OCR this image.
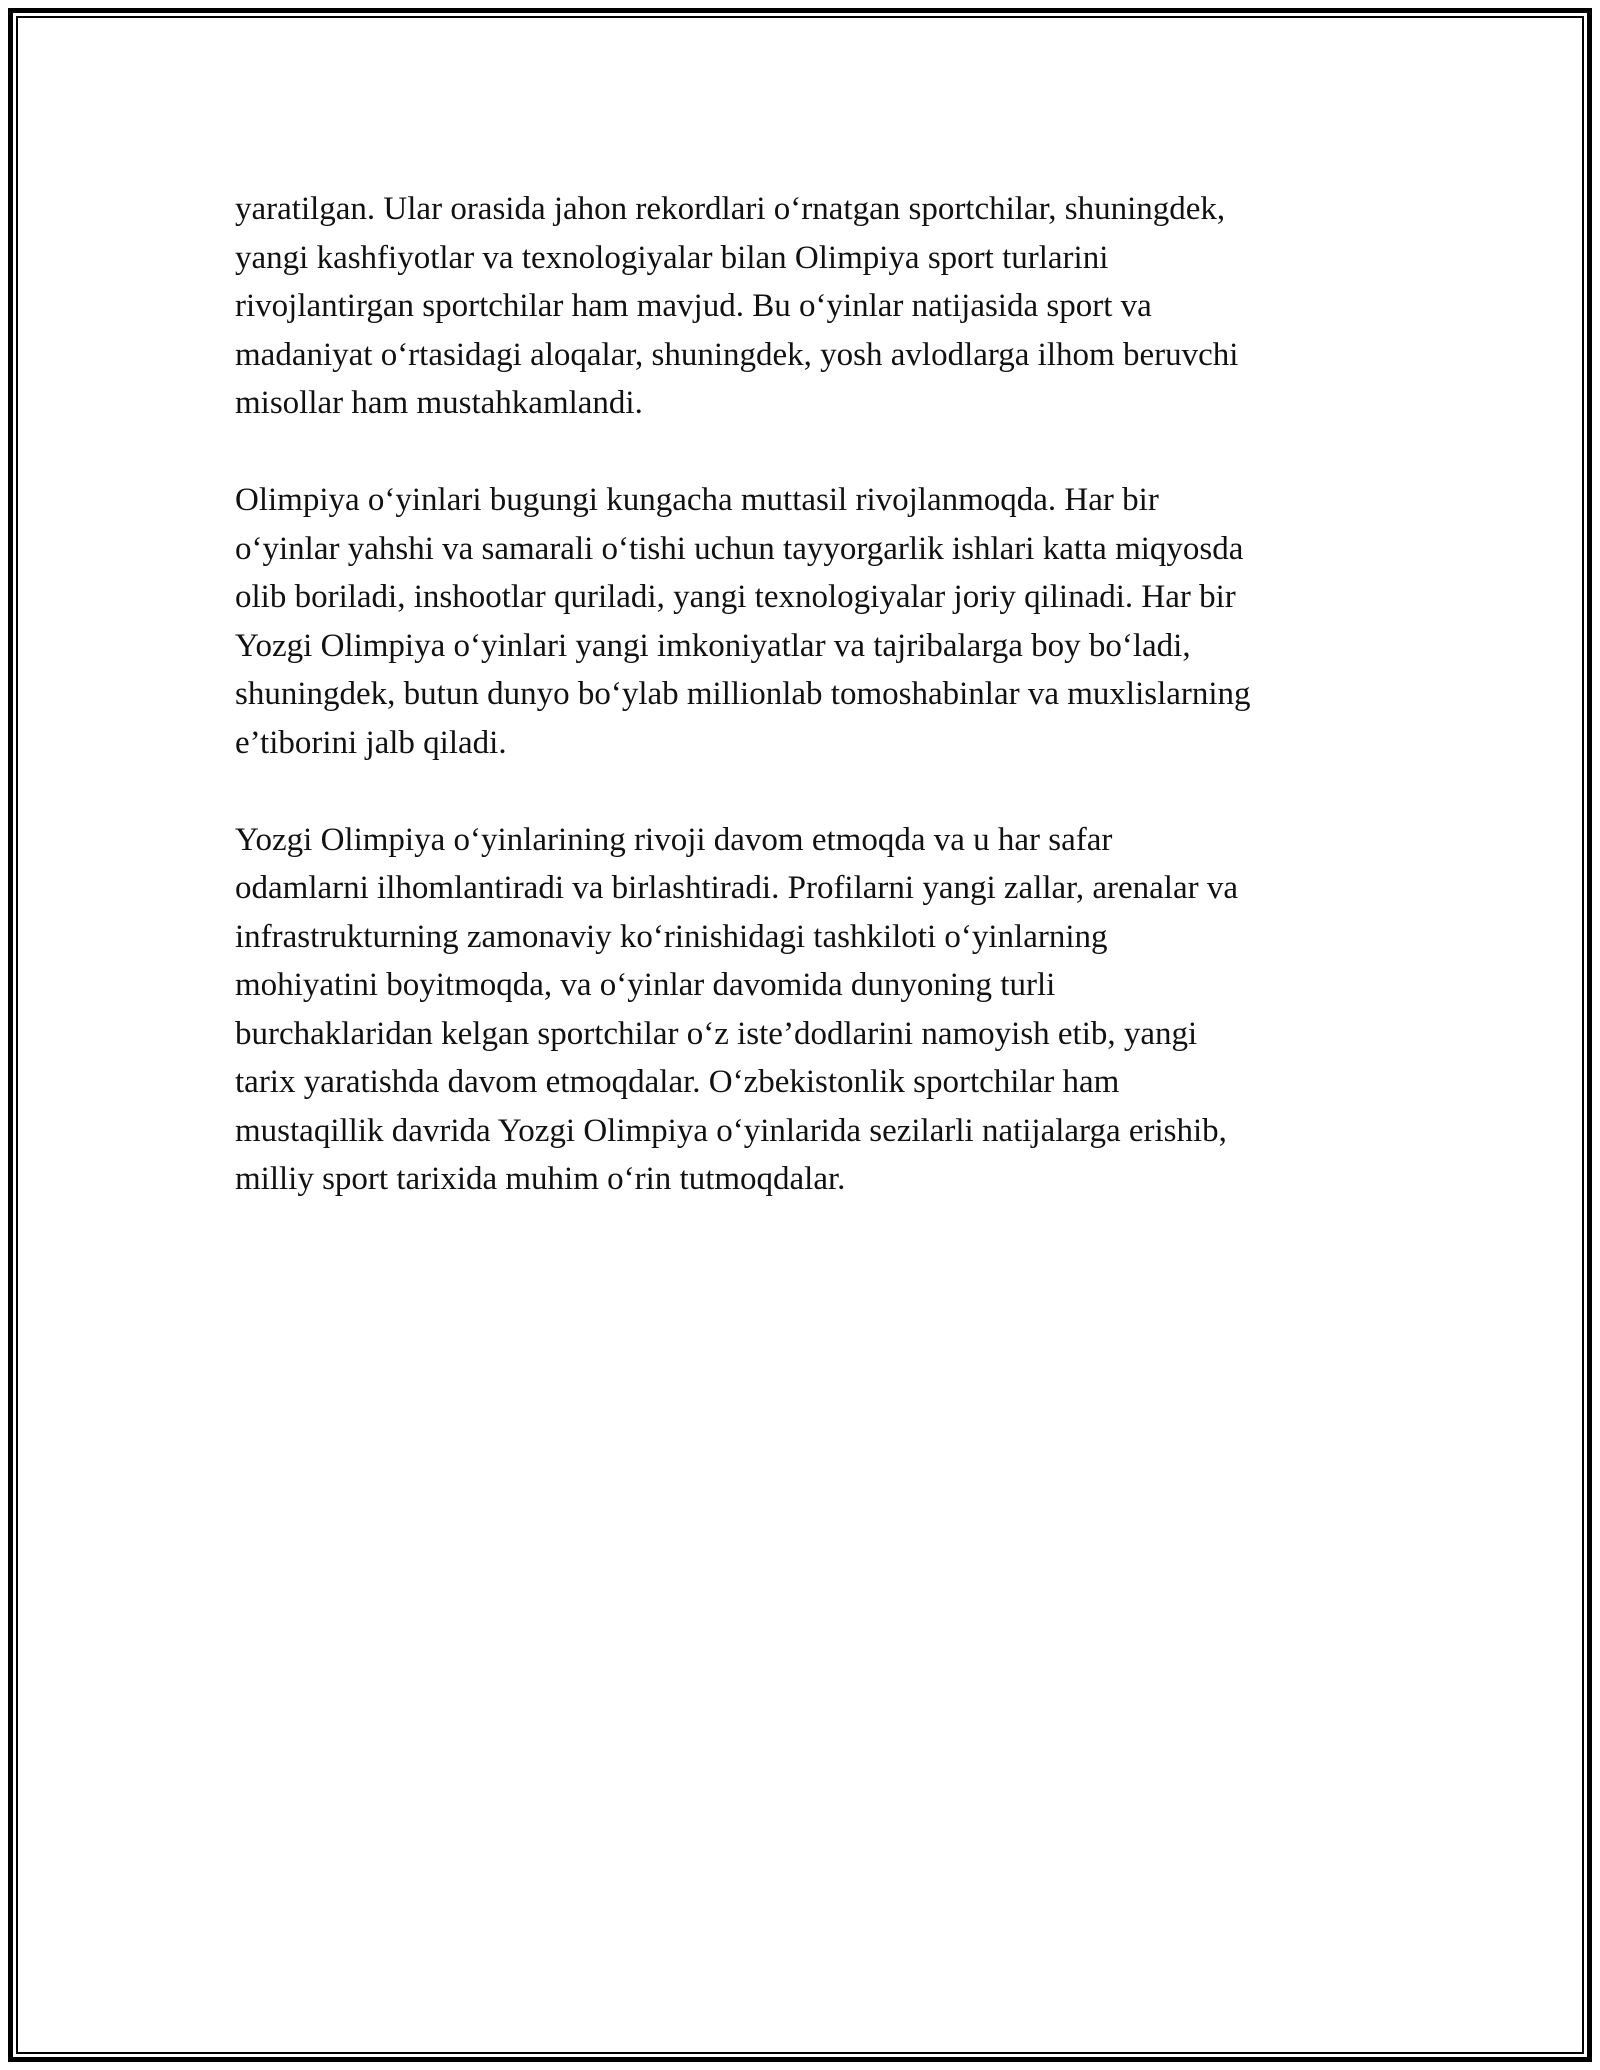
yaratilgan. Ular orasida jahon rekordlari o‘rnatgan sportchilar, shuningdek,
yangi kashfiyotlar va texnologiyalar bilan Olimpiya sport turlarini
rivojlantirgan sportchilar ham mavjud. Bu o‘yinlar natijasida sport va
madaniyat o‘rtasidagi aloqalar, shuningdek, yosh avlodlarga ilhom beruvchi
misollar ham mustahkamlandi.

Olimpiya o‘yinlari bugungi kungacha muttasil rivojlanmoqda. Har bir
o‘yinlar yahshi va samarali o‘tishi uchun tayyorgarlik ishlari katta miqyosda
olib boriladi, inshootlar quriladi, yangi texnologiyalar joriy qilinadi. Har bir
Yozgi Olimpiya o‘yinlari yangi imkoniyatlar va tajribalarga boy bo‘ladi,
shuningdek, butun dunyo bo‘ylab millionlab tomoshabinlar va muxlislarning
e’tiborini jalb qiladi.

Yozgi Olimpiya o‘yinlarining rivoji davom etmoqda va u har safar
odamlarni ilhomlantiradi va birlashtiradi. Profilarni yangi zallar, arenalar va
infrastrukturning zamonaviy ko‘rinishidagi tashkiloti o‘yinlarning
mohiyatini boyitmoqda, va o‘yinlar davomida dunyoning turli
burchaklaridan kelgan sportchilar o‘z iste’dodlarini namoyish etib, yangi
tarix yaratishda davom etmoqdalar. O‘zbekistonlik sportchilar ham
mustaqillik davrida Yozgi Olimpiya o‘yinlarida sezilarli natijalarga erishib,
milliy sport tarixida muhim o‘rin tutmoqdalar.
